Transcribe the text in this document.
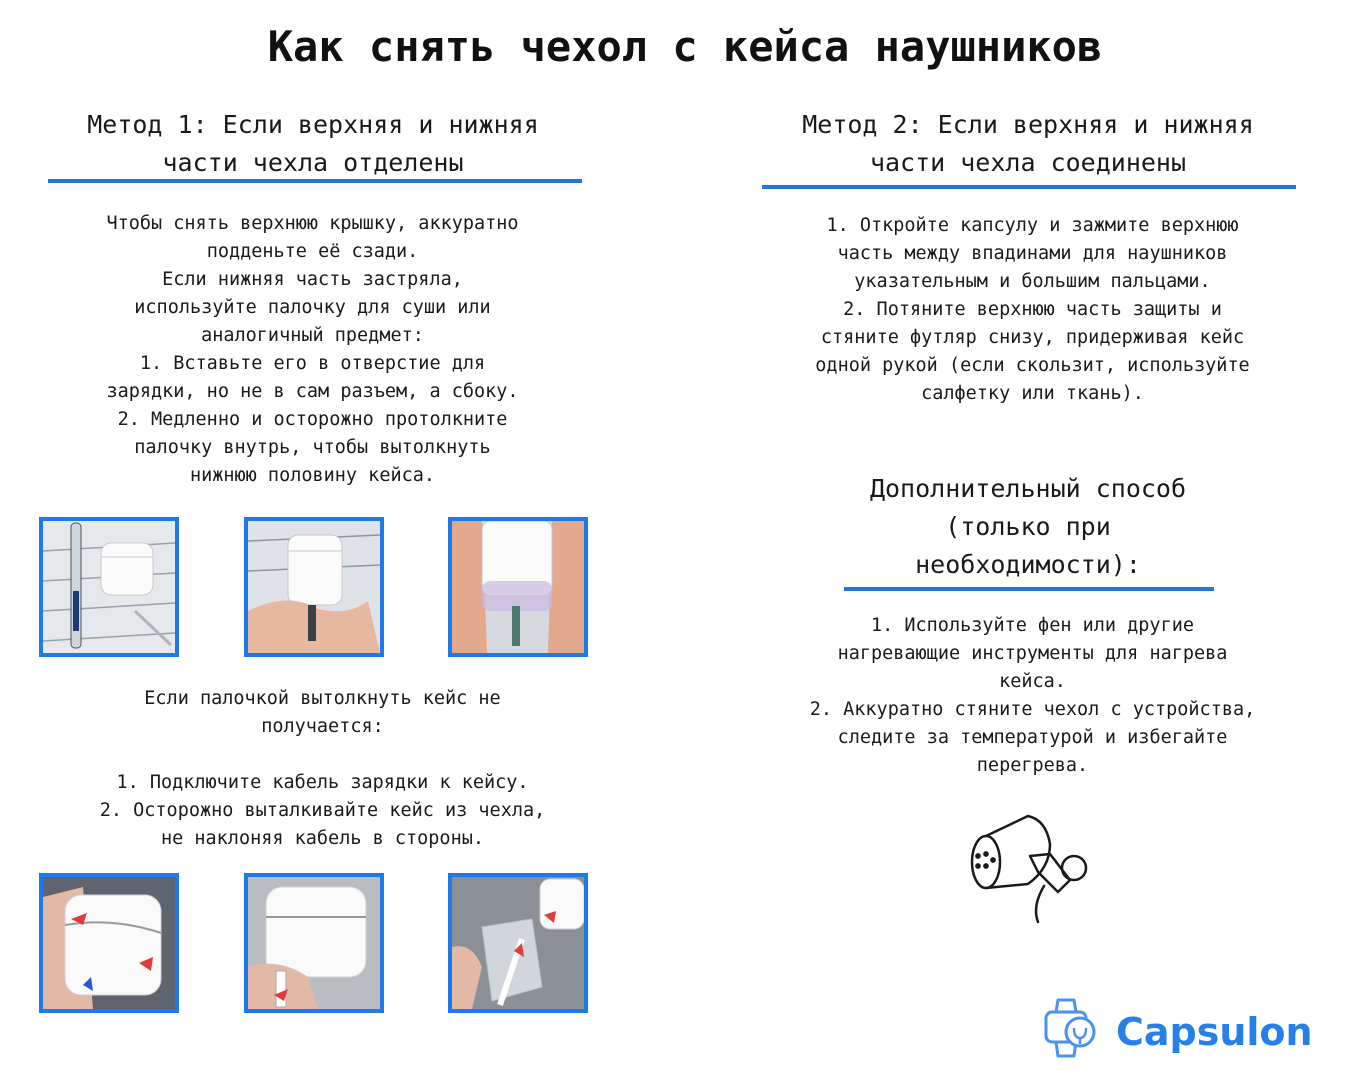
Как снять чехол с кейса наушников
Метод 1: Если верхняя и нижняя
части чехла отделены
Чтобы снять верхнюю крышку, аккуратно
подденьте её сзади.
Если нижняя часть застряла,
используйте палочку для суши или
аналогичный предмет:
1. Вставьте его в отверстие для
зарядки, но не в сам разъем, а сбоку.
2. Медленно и осторожно протолкните
палочку внутрь, чтобы вытолкнуть
нижнюю половину кейса.
Если палочкой вытолкнуть кейс не
получается:

1. Подключите кабель зарядки к кейсу.
2. Осторожно выталкивайте кейс из чехла,
не наклоняя кабель в стороны.
Метод 2: Если верхняя и нижняя
части чехла соединены
1. Откройте капсулу и зажмите верхнюю
часть между впадинами для наушников
указательным и большим пальцами.
2. Потяните верхнюю часть защиты и
стяните футляр снизу, придерживая кейс
одной рукой (если скользит, используйте
салфетку или ткань).
Дополнительный способ
(только при
необходимости):
1. Используйте фен или другие
нагревающие инструменты для нагрева
кейса.
2. Аккуратно стяните чехол с устройства,
следите за температурой и избегайте
перегрева.
Capsulon
